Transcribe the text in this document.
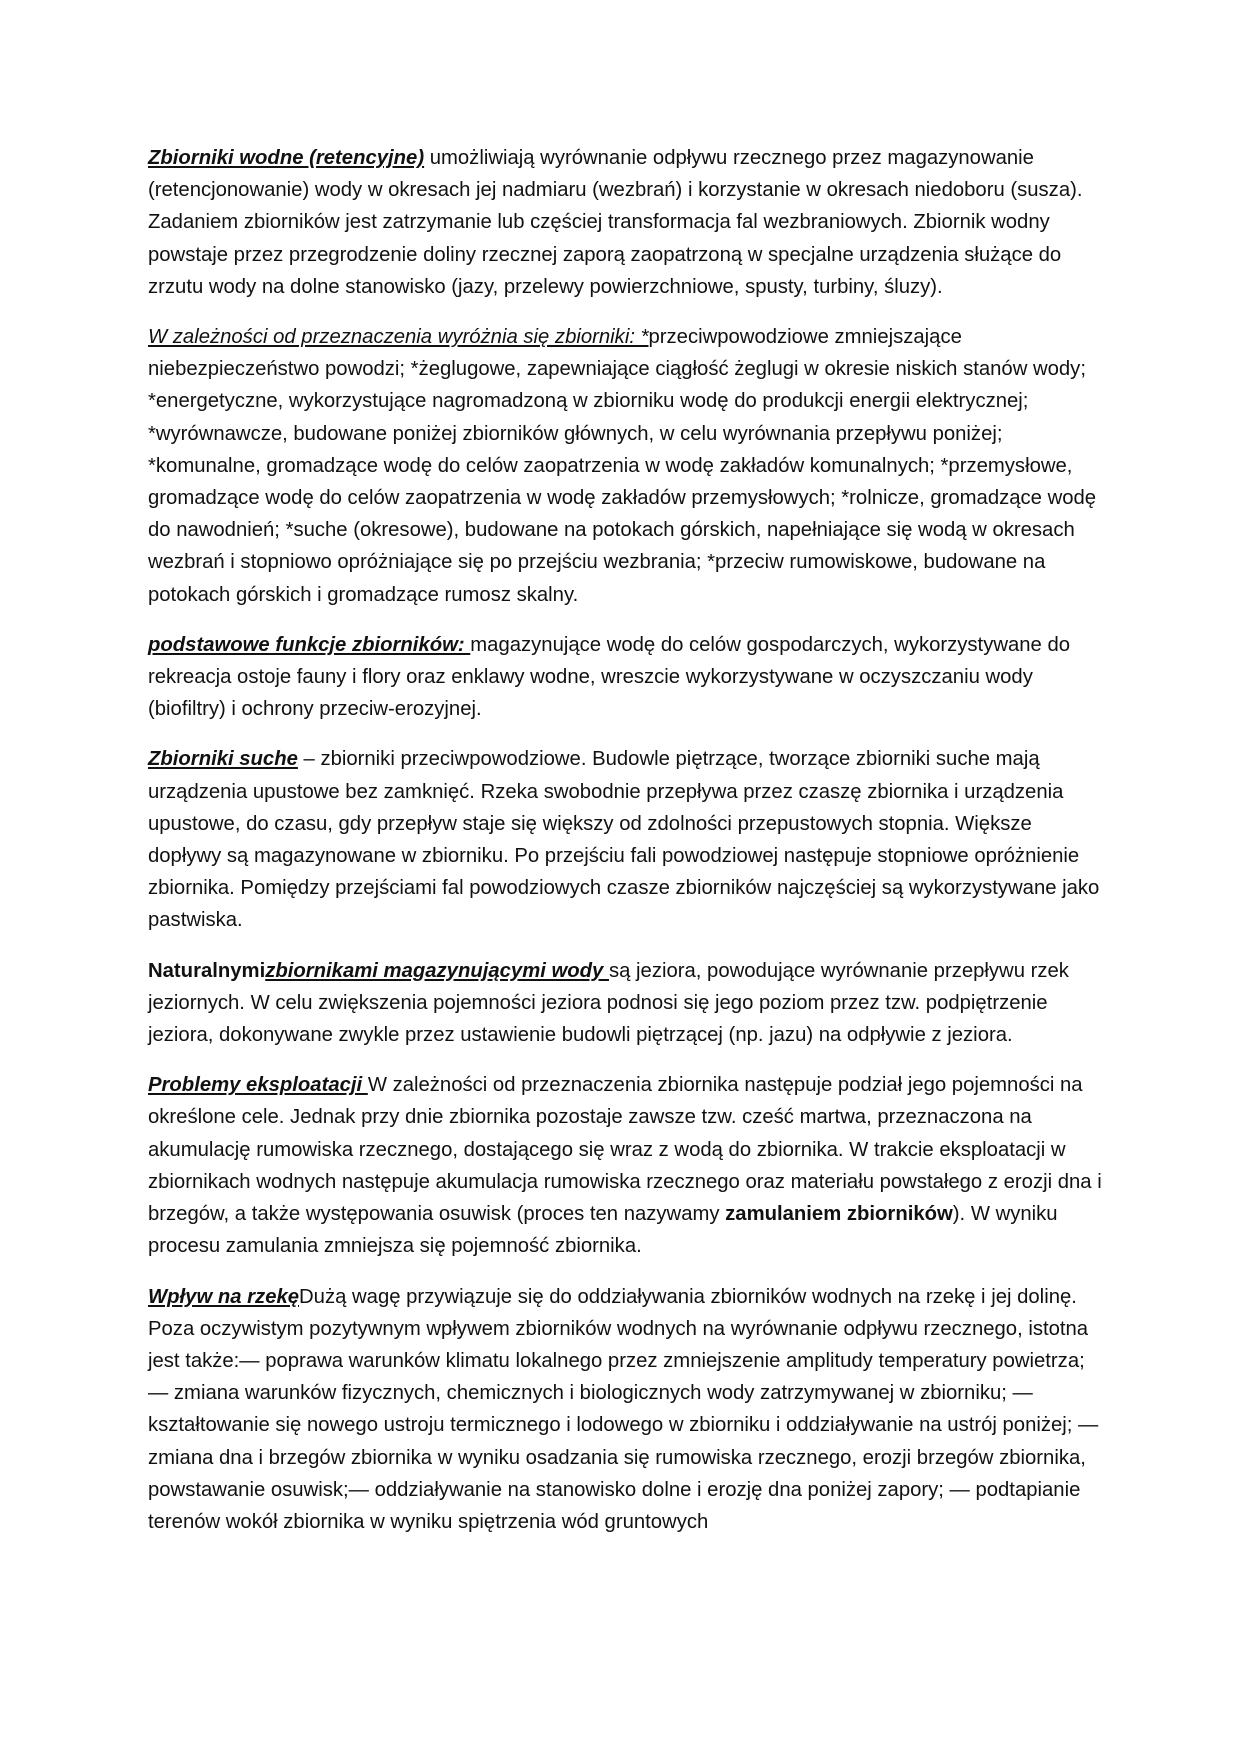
Zbiorniki wodne (retencyjne) umożliwiają wyrównanie odpływu rzecznego przez magazynowanie (retencjonowanie) wody w okresach jej nadmiaru (wezbrań) i korzystanie w okresach niedoboru (susza). Zadaniem zbiorników jest zatrzymanie lub częściej transformacja fal wezbraniowych. Zbiornik wodny powstaje przez przegrodzenie doliny rzecznej zaporą zaopatrzoną w specjalne urządzenia służące do zrzutu wody na dolne stanowisko (jazy, przelewy powierzchniowe, spusty, turbiny, śluzy).

W zależności od przeznaczenia wyróżnia się zbiorniki: *przeciwpowodziowe zmniejszające niebezpieczeństwo powodzi; *żeglugowe, zapewniające ciągłość żeglugi w okresie niskich stanów wody; *energetyczne, wykorzystujące nagromadzoną w zbiorniku wodę do produkcji energii elektrycznej; *wyrównawcze, budowane poniżej zbiorników głównych, w celu wyrównania przepływu poniżej; *komunalne, gromadzące wodę do celów zaopatrzenia w wodę zakładów komunalnych; *przemysłowe, gromadzące wodę do celów zaopatrzenia w wodę zakładów przemysłowych; *rolnicze, gromadzące wodę do nawodnień; *suche (okresowe), budowane na potokach górskich, napełniające się wodą w okresach wezbrań i stopniowo opróżniające się po przejściu wezbrania; *przeciw rumowiskowe, budowane na potokach górskich i gromadzące rumosz skalny.

podstawowe funkcje zbiorników: magazynujące wodę do celów gospodarczych, wykorzystywane do rekreacja ostoje fauny i flory oraz enklawy wodne, wreszcie wykorzystywane w oczyszczaniu wody (biofiltry) i ochrony przeciw-erozyjnej.

Zbiorniki suche – zbiorniki przeciwpowodziowe. Budowle piętrzące, tworzące zbiorniki suche mają urządzenia upustowe bez zamknięć. Rzeka swobodnie przepływa przez czaszę zbiornika i urządzenia upustowe, do czasu, gdy przepływ staje się większy od zdolności przepustowych stopnia. Większe dopływy są magazynowane w zbiorniku. Po przejściu fali powodziowej następuje stopniowe opróżnienie zbiornika. Pomiędzy przejściami fal powodziowych czasze zbiorników najczęściej są wykorzystywane jako pastwiska.

Naturalnymizbiornikami magazynującymi wody są jeziora, powodujące wyrównanie przepływu rzek jeziornych. W celu zwiększenia pojemności jeziora podnosi się jego poziom przez tzw. podpiętrzenie jeziora, dokonywane zwykle przez ustawienie budowli piętrzącej (np. jazu) na odpływie z jeziora.

Problemy eksploatacji W zależności od przeznaczenia zbiornika następuje podział jego pojemności na określone cele. Jednak przy dnie zbiornika pozostaje zawsze tzw. cześć martwa, przeznaczona na akumulację rumowiska rzecznego, dostającego się wraz z wodą do zbiornika. W trakcie eksploatacji w zbiornikach wodnych następuje akumulacja rumowiska rzecznego oraz materiału powstałego z erozji dna i brzegów, a także występowania osuwisk (proces ten nazywamy zamulaniem zbiorników). W wyniku procesu zamulania zmniejsza się pojemność zbiornika.

Wpływ na rzekęDużą wagę przywiązuje się do oddziaływania zbiorników wodnych na rzekę i jej dolinę. Poza oczywistym pozytywnym wpływem zbiorników wodnych na wyrównanie odpływu rzecznego, istotna jest także:— poprawa warunków klimatu lokalnego przez zmniejszenie amplitudy temperatury powietrza; — zmiana warunków fizycznych, chemicznych i biologicznych wody zatrzymywanej w zbiorniku; — kształtowanie się nowego ustroju termicznego i lodowego w zbiorniku i oddziaływanie na ustrój poniżej; — zmiana dna i brzegów zbiornika w wyniku osadzania się rumowiska rzecznego, erozji brzegów zbiornika, powstawanie osuwisk;— oddziaływanie na stanowisko dolne i erozję dna poniżej zapory; — podtapianie terenów wokół zbiornika w wyniku spiętrzenia wód gruntowych
